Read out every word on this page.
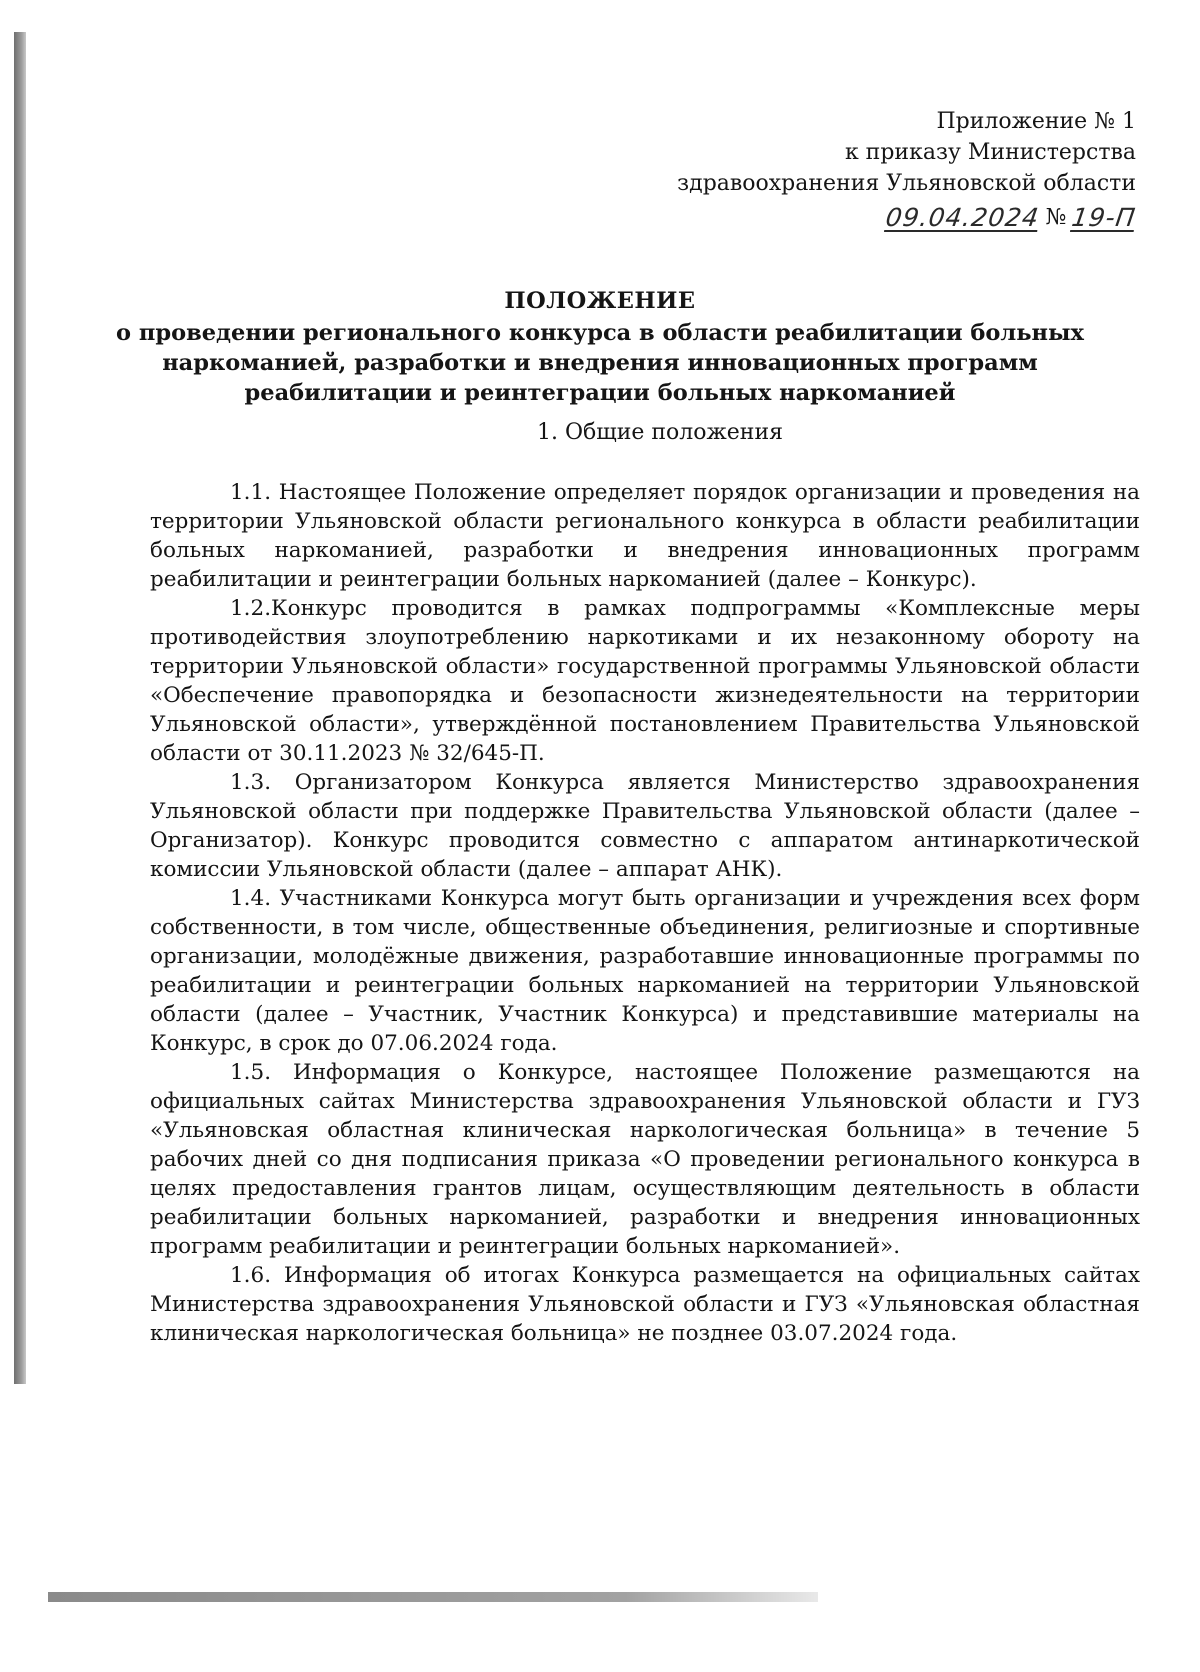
Приложение № 1
к приказу Министерства
здравоохранения Ульяновской области
09.04.2024 № 19-П
ПОЛОЖЕНИЕ
о проведении регионального конкурса в области реабилитации больных наркоманией, разработки и внедрения инновационных программ реабилитации и реинтеграции больных наркоманией
1. Общие положения

1.1. Настоящее Положение определяет порядок организации и проведения на территории Ульяновской области регионального конкурса в области реабилитации больных наркоманией, разработки и внедрения инновационных программ реабилитации и реинтеграции больных наркоманией (далее – Конкурс).

1.2.Конкурс проводится в рамках подпрограммы «Комплексные меры противодействия злоупотреблению наркотиками и их незаконному обороту на территории Ульяновской области» государственной программы Ульяновской области «Обеспечение правопорядка и безопасности жизнедеятельности на территории Ульяновской области», утверждённой постановлением Правительства Ульяновской области от 30.11.2023 № 32/645-П.

1.3. Организатором Конкурса является Министерство здравоохранения Ульяновской области при поддержке Правительства Ульяновской области (далее – Организатор). Конкурс проводится совместно с аппаратом антинаркотической комиссии Ульяновской области (далее – аппарат АНК).

1.4. Участниками Конкурса могут быть организации и учреждения всех форм собственности, в том числе, общественные объединения, религиозные и спортивные организации, молодёжные движения, разработавшие инновационные программы по реабилитации и реинтеграции больных наркоманией на территории Ульяновской области (далее – Участник, Участник Конкурса) и представившие материалы на Конкурс, в срок до 07.06.2024 года.

1.5. Информация о Конкурсе, настоящее Положение размещаются на официальных сайтах Министерства здравоохранения Ульяновской области и ГУЗ «Ульяновская областная клиническая наркологическая больница» в течение 5 рабочих дней со дня подписания приказа «О проведении регионального конкурса в целях предоставления грантов лицам, осуществляющим деятельность в области реабилитации больных наркоманией, разработки и внедрения инновационных программ реабилитации и реинтеграции больных наркоманией».

1.6. Информация об итогах Конкурса размещается на официальных сайтах Министерства здравоохранения Ульяновской области и ГУЗ «Ульяновская областная клиническая наркологическая больница» не позднее 03.07.2024 года.
